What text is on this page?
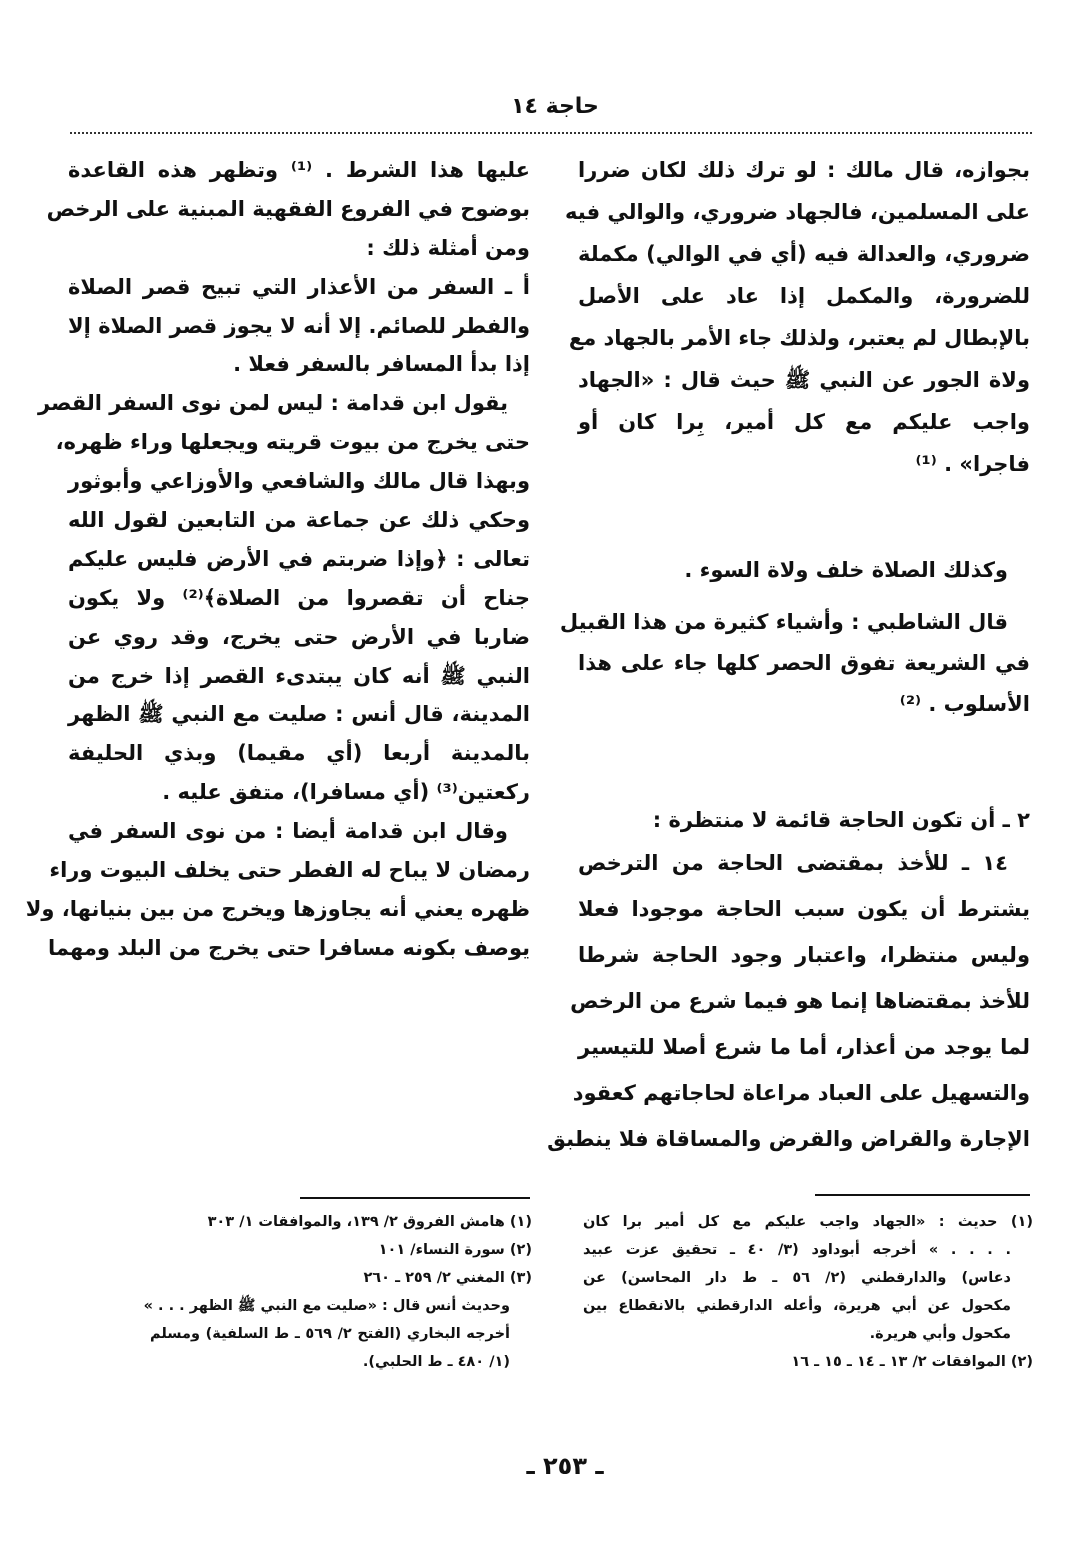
حاجة ١٤
بجوازه، قال مالك : لو ترك ذلك لكان ضررا
على المسلمين، فالجهاد ضروري، والوالي فيه
ضروري، والعدالة فيه (أي في الوالي) مكملة
للضرورة، والمكمل إذا عاد على الأصل
بالإبطال لم يعتبر، ولذلك جاء الأمر بالجهاد مع
ولاة الجور عن النبي ﷺ حيث قال : «الجهاد
واجب عليكم مع كل أمير، بِرا كان أو
فاجرا» . ⁽¹⁾
وكذلك الصلاة خلف ولاة السوء .
قال الشاطبي : وأشياء كثيرة من هذا القبيل
في الشريعة تفوق الحصر كلها جاء على هذا
الأسلوب . ⁽²⁾
٢ ـ أن تكون الحاجة قائمة لا منتظرة :
١٤ ـ للأخذ بمقتضى الحاجة من الترخص
يشترط أن يكون سبب الحاجة موجودا فعلا
وليس منتظرا، واعتبار وجود الحاجة شرطا
للأخذ بمقتضاها إنما هو فيما شرع من الرخص
لما يوجد من أعذار، أما ما شرع أصلا للتيسير
والتسهيل على العباد مراعاة لحاجاتهم كعقود
الإجارة والقراض والقرض والمساقاة فلا ينطبق
عليها هذا الشرط . ⁽¹⁾ وتظهر هذه القاعدة
بوضوح في الفروع الفقهية المبنية على الرخص
ومن أمثلة ذلك :
أ ـ السفر من الأعذار التي تبيح قصر الصلاة
والفطر للصائم. إلا أنه لا يجوز قصر الصلاة إلا
إذا بدأ المسافر بالسفر فعلا .
يقول ابن قدامة : ليس لمن نوى السفر القصر
حتى يخرج من بيوت قريته ويجعلها وراء ظهره،
وبهذا قال مالك والشافعي والأوزاعي وأبوثور
وحكي ذلك عن جماعة من التابعين لقول الله
تعالى : ﴿وإذا ضربتم في الأرض فليس عليكم
جناح أن تقصروا من الصلاة﴾⁽²⁾ ولا يكون
ضاربا في الأرض حتى يخرج، وقد روي عن
النبي ﷺ أنه كان يبتدىء القصر إذا خرج من
المدينة، قال أنس : صليت مع النبي ﷺ الظهر
بالمدينة أربعا (أي مقيما) وبذي الحليفة
ركعتين⁽³⁾ (أي مسافرا)، متفق عليه .
وقال ابن قدامة أيضا : من نوى السفر في
رمضان لا يباح له الفطر حتى يخلف البيوت وراء
ظهره يعني أنه يجاوزها ويخرج من بين بنيانها، ولا
يوصف بكونه مسافرا حتى يخرج من البلد ومهما
(١) حديث : «الجهاد واجب عليكم مع كل أمير برا كان
. . . . » أخرجه أبوداود (٣/ ٤٠ ـ تحقيق عزت عبيد
دعاس) والدارقطني (٢/ ٥٦ ـ ط دار المحاسن) عن
مكحول عن أبي هريرة، وأعله الدارقطني بالانقطاع بين
مكحول وأبي هريرة.
(٢) الموافقات ٢/ ١٣ ـ ١٤ ـ ١٥ ـ ١٦
(١) هامش الفروق ٢/ ١٣٩، والموافقات ١/ ٣٠٣
(٢) سورة النساء/ ١٠١
(٣) المغني ٢/ ٢٥٩ ـ ٢٦٠
وحديث أنس قال : «صليت مع النبي ﷺ الظهر . . . »
أخرجه البخاري (الفتح ٢/ ٥٦٩ ـ ط السلفية) ومسلم
(١/ ٤٨٠ ـ ط الحلبي).
ـ ٢٥٣ ـ
